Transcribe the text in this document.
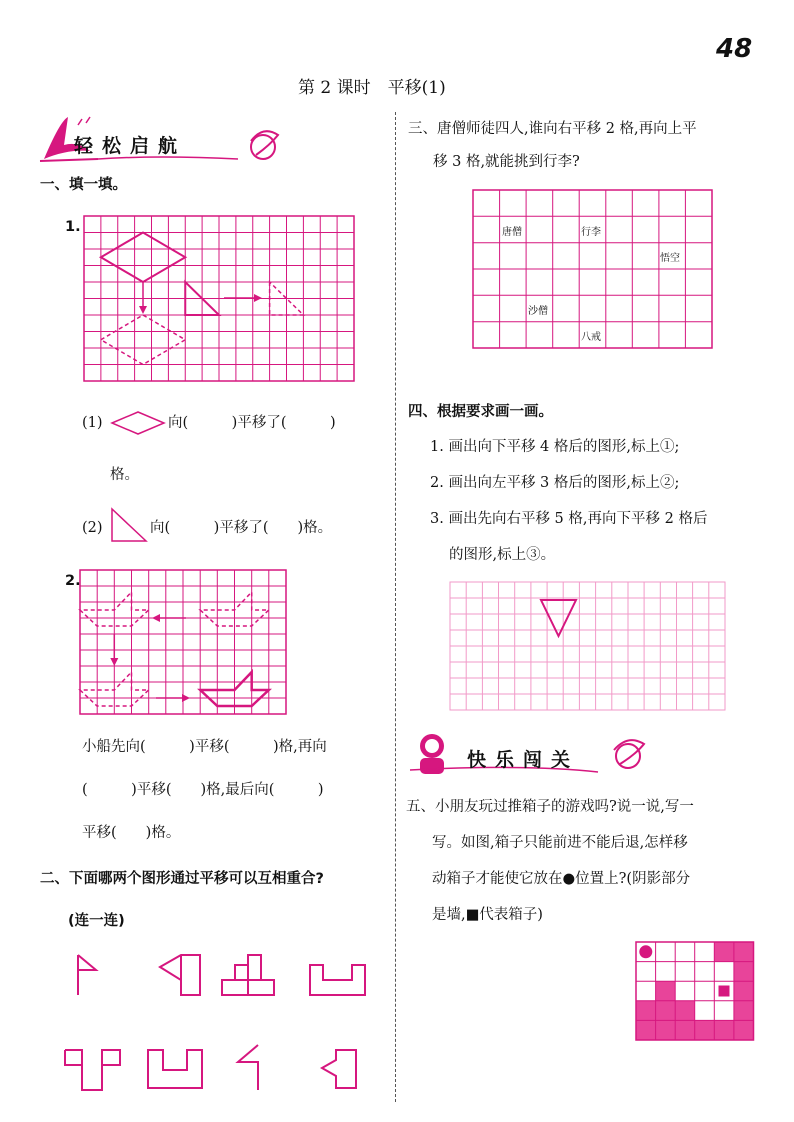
48
第 2 课时　平移(1)
轻松启航
一、填一填。
1.
(1)	向(　　　)平移了(　　　)
格。
(2)	向(　　　)平移了(　　)格。
2.
小船先向(　　　)平移(　　　)格,再向
(　　　)平移(　　)格,最后向(　　　)
平移(　　)格。
二、下面哪两个图形通过平移可以互相重合?
(连一连)
三、唐僧师徒四人,谁向右平移 2 格,再向上平
移 3 格,就能挑到行李?
唐僧	行李
悟空
沙僧
八戒
四、根据要求画一画。
1. 画出向下平移 4 格后的图形,标上①;
2. 画出向左平移 3 格后的图形,标上②;
3. 画出先向右平移 5 格,再向下平移 2 格后
的图形,标上③。
快乐闯关
五、小朋友玩过推箱子的游戏吗?说一说,写一
写。如图,箱子只能前进不能后退,怎样移
动箱子才能使它放在●位置上?(阴影部分
是墙,■代表箱子)
